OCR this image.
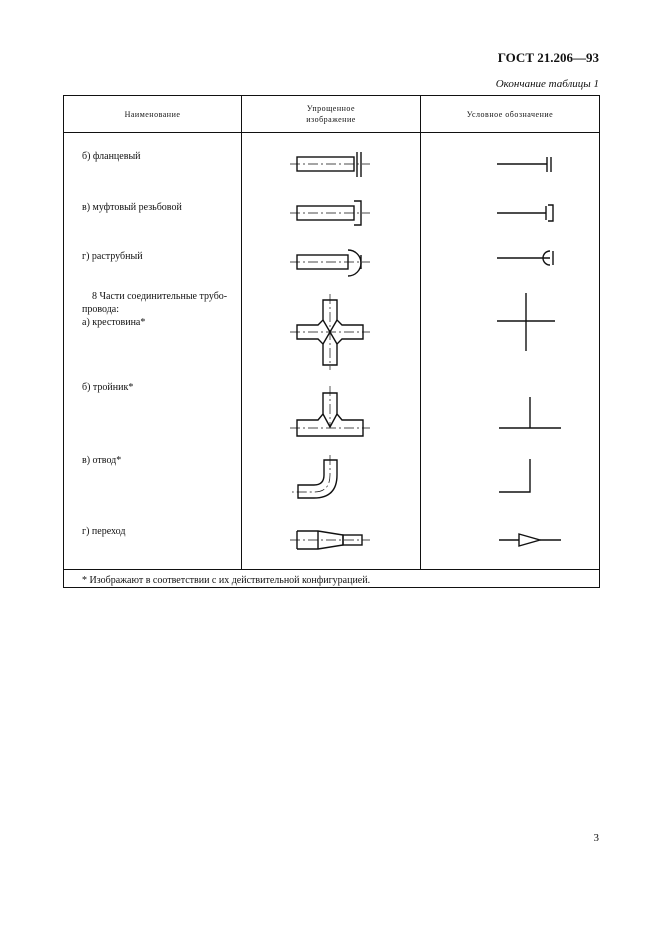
ГОСТ 21.206—93
Окончание таблицы 1
Наименование
Упрощенное
изображение
Условное обозначение
б) фланцевый
в) муфтовый резьбовой
г) раструбный
8 Части соединительные трубо-
провода:
а) крестовина*
б) тройник*
в) отвод*
г) переход
* Изображают в соответствии с их действительной конфигурацией.
3
